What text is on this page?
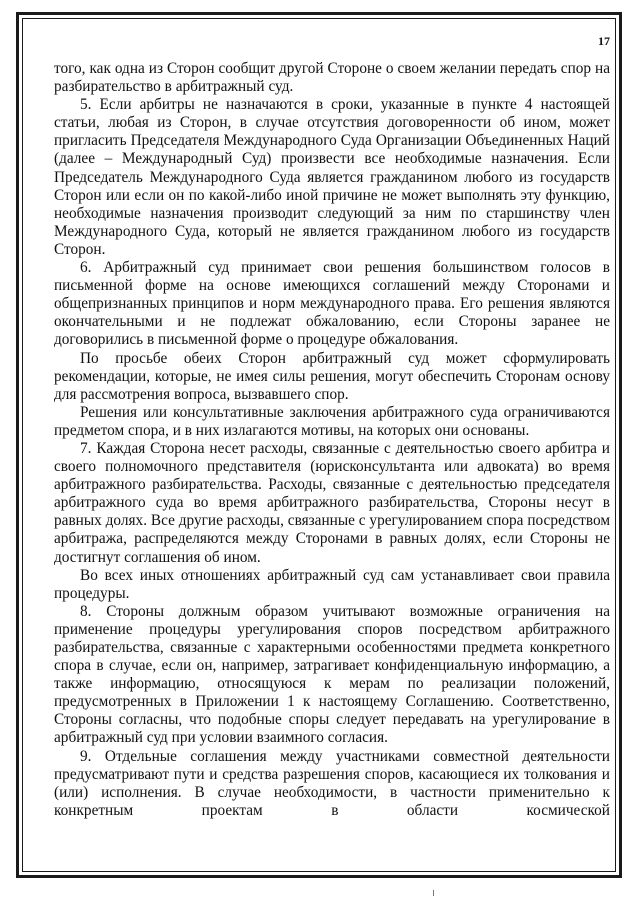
17

того, как одна из Сторон сообщит другой Стороне о своем желании передать спор на разбирательство в арбитражный суд.

5. Если арбитры не назначаются в сроки, указанные в пункте 4 настоящей статьи, любая из Сторон, в случае отсутствия договоренности об ином, может пригласить Председателя Международного Суда Организации Объединенных Наций (далее – Международный Суд) произвести все необходимые назначения. Если Председатель Международного Суда является гражданином любого из государств Сторон или если он по какой-либо иной причине не может выполнять эту функцию, необходимые назначения производит следующий за ним по старшинству член Международного Суда, который не является гражданином любого из государств Сторон.

6. Арбитражный суд принимает свои решения большинством голосов в письменной форме на основе имеющихся соглашений между Сторонами и общепризнанных принципов и норм международного права. Его решения являются окончательными и не подлежат обжалованию, если Стороны заранее не договорились в письменной форме о процедуре обжалования.

По просьбе обеих Сторон арбитражный суд может сформулировать рекомендации, которые, не имея силы решения, могут обеспечить Сторонам основу для рассмотрения вопроса, вызвавшего спор.

Решения или консультативные заключения арбитражного суда ограничиваются предметом спора, и в них излагаются мотивы, на которых они основаны.

7. Каждая Сторона несет расходы, связанные с деятельностью своего арбитра и своего полномочного представителя (юрисконсультанта или адвоката) во время арбитражного разбирательства. Расходы, связанные с деятельностью председателя арбитражного суда во время арбитражного разбирательства, Стороны несут в равных долях. Все другие расходы, связанные с урегулированием спора посредством арбитража, распределяются между Сторонами в равных долях, если Стороны не достигнут соглашения об ином.

Во всех иных отношениях арбитражный суд сам устанавливает свои правила процедуры.

8. Стороны должным образом учитывают возможные ограничения на применение процедуры урегулирования споров посредством арбитражного разбирательства, связанные с характерными особенностями предмета конкретного спора в случае, если он, например, затрагивает конфиденциальную информацию, а также информацию, относящуюся к мерам по реализации положений, предусмотренных в Приложении 1 к настоящему Соглашению. Соответственно, Стороны согласны, что подобные споры следует передавать на урегулирование в арбитражный суд при условии взаимного согласия.

9. Отдельные соглашения между участниками совместной деятельности предусматривают пути и средства разрешения споров, касающиеся их толкования и (или) исполнения. В случае необходимости, в частности применительно к конкретным проектам в области космической
